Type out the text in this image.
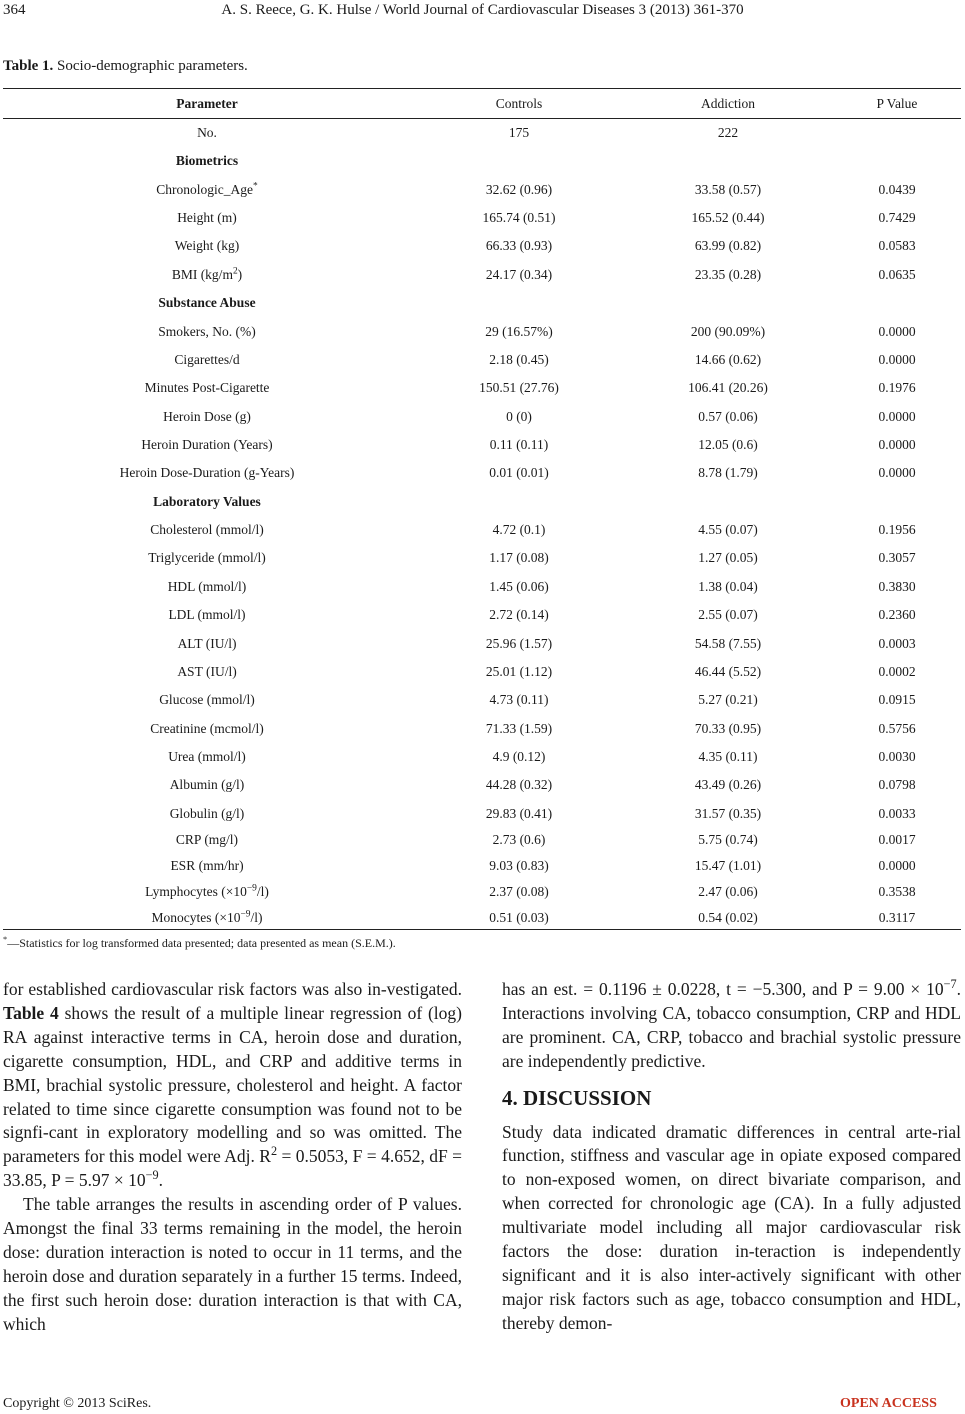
364	A. S. Reece, G. K. Hulse / World Journal of Cardiovascular Diseases 3 (2013) 361-370
Table 1. Socio-demographic parameters.
Parameter	Controls	Addiction	P Value
No.	175	222
Biometrics
Chronologic_Age*	32.62 (0.96)	33.58 (0.57)	0.0439
Height (m)	165.74 (0.51)	165.52 (0.44)	0.7429
Weight (kg)	66.33 (0.93)	63.99 (0.82)	0.0583
BMI $(kg/m^2)$	24.17 (0.34)	23.35 (0.28)	0.0635
Substance Abuse
Smokers, No. (%)	29 (16.57%)	200 (90.09%)	0.0000
Cigarettes/d	2.18 (0.45)	14.66 (0.62)	0.0000
Minutes Post-Cigarette	150.51 (27.76)	106.41 (20.26)	0.1976
Heroin Dose (g)	0 (0)	0.57 (0.06)	0.0000
Heroin Duration (Years)	0.11 (0.11)	12.05 (0.6)	0.0000
Heroin Dose-Duration (g-Years)	0.01 (0.01)	8.78 (1.79)	0.0000
Laboratory Values
Cholesterol (mmol/l)	4.72 (0.1)	4.55 (0.07)	0.1956
Triglyceride (mmol/l)	1.17 (0.08)	1.27 (0.05)	0.3057
HDL (mmol/l)	1.45 (0.06)	1.38 (0.04)	0.3830
LDL (mmol/l)	2.72 (0.14)	2.55 (0.07)	0.2360
ALT (IU/l)	25.96 (1.57)	54.58 (7.55)	0.0003
AST (IU/l)	25.01 (1.12)	46.44 (5.52)	0.0002
Glucose (mmol/l)	4.73 (0.11)	5.27 (0.21)	0.0915
Creatinine (mcmol/l)	71.33 (1.59)	70.33 (0.95)	0.5756
Urea (mmol/l)	4.9 (0.12)	4.35 (0.11)	0.0030
Albumin (g/l)	44.28 (0.32)	43.49 (0.26)	0.0798
Globulin (g/l)	29.83 (0.41)	31.57 (0.35)	0.0033
CRP (mg/l)	2.73 (0.6)	5.75 (0.74)	0.0017
ESR (mm/hr)	9.03 (0.83)	15.47 (1.01)	0.0000
Lymphocytes $(\times 10^{-9}/l)$	2.37 (0.08)	2.47 (0.06)	0.3538
Monocytes $(\times 10^{-9}/l)$	0.51 (0.03)	0.54 (0.02)	0.3117
*—Statistics for log transformed data presented; data presented as mean (S.E.M.).

for established cardiovascular risk factors was also in-vestigated. Table 4 shows the result of a multiple linear regression of (log) RA against interactive terms in CA, heroin dose and duration, cigarette consumption, HDL, and CRP and additive terms in BMI, brachial systolic pressure, cholesterol and height. A factor related to time since cigarette consumption was found not to be signfi-cant in exploratory modelling and so was omitted. The parameters for this model were Adj. $R^2 = 0.5053$, F = 4.652, dF = 33.85, $P = 5.97 \times 10^{-9}$.

The table arranges the results in ascending order of P values. Amongst the final 33 terms remaining in the model, the heroin dose: duration interaction is noted to occur in 11 terms, and the heroin dose and duration separately in a further 15 terms. Indeed, the first such heroin dose: duration interaction is that with CA, which

has an est. = 0.1196 ± 0.0228, t = −5.300, and $P = 9.00 \times 10^{-7}$. Interactions involving CA, tobacco consumption, CRP and HDL are prominent. CA, CRP, tobacco and brachial systolic pressure are independently predictive.

4. DISCUSSION

Study data indicated dramatic differences in central arte-rial function, stiffness and vascular age in opiate exposed compared to non-exposed women, on direct bivariate comparison, and when corrected for chronologic age (CA). In a fully adjusted multivariate model including all major cardiovascular risk factors the dose: duration in-teraction is independently significant and it is also inter-actively significant with other major risk factors such as age, tobacco consumption and HDL, thereby demon-

Copyright © 2013 SciRes.	OPEN ACCESS
